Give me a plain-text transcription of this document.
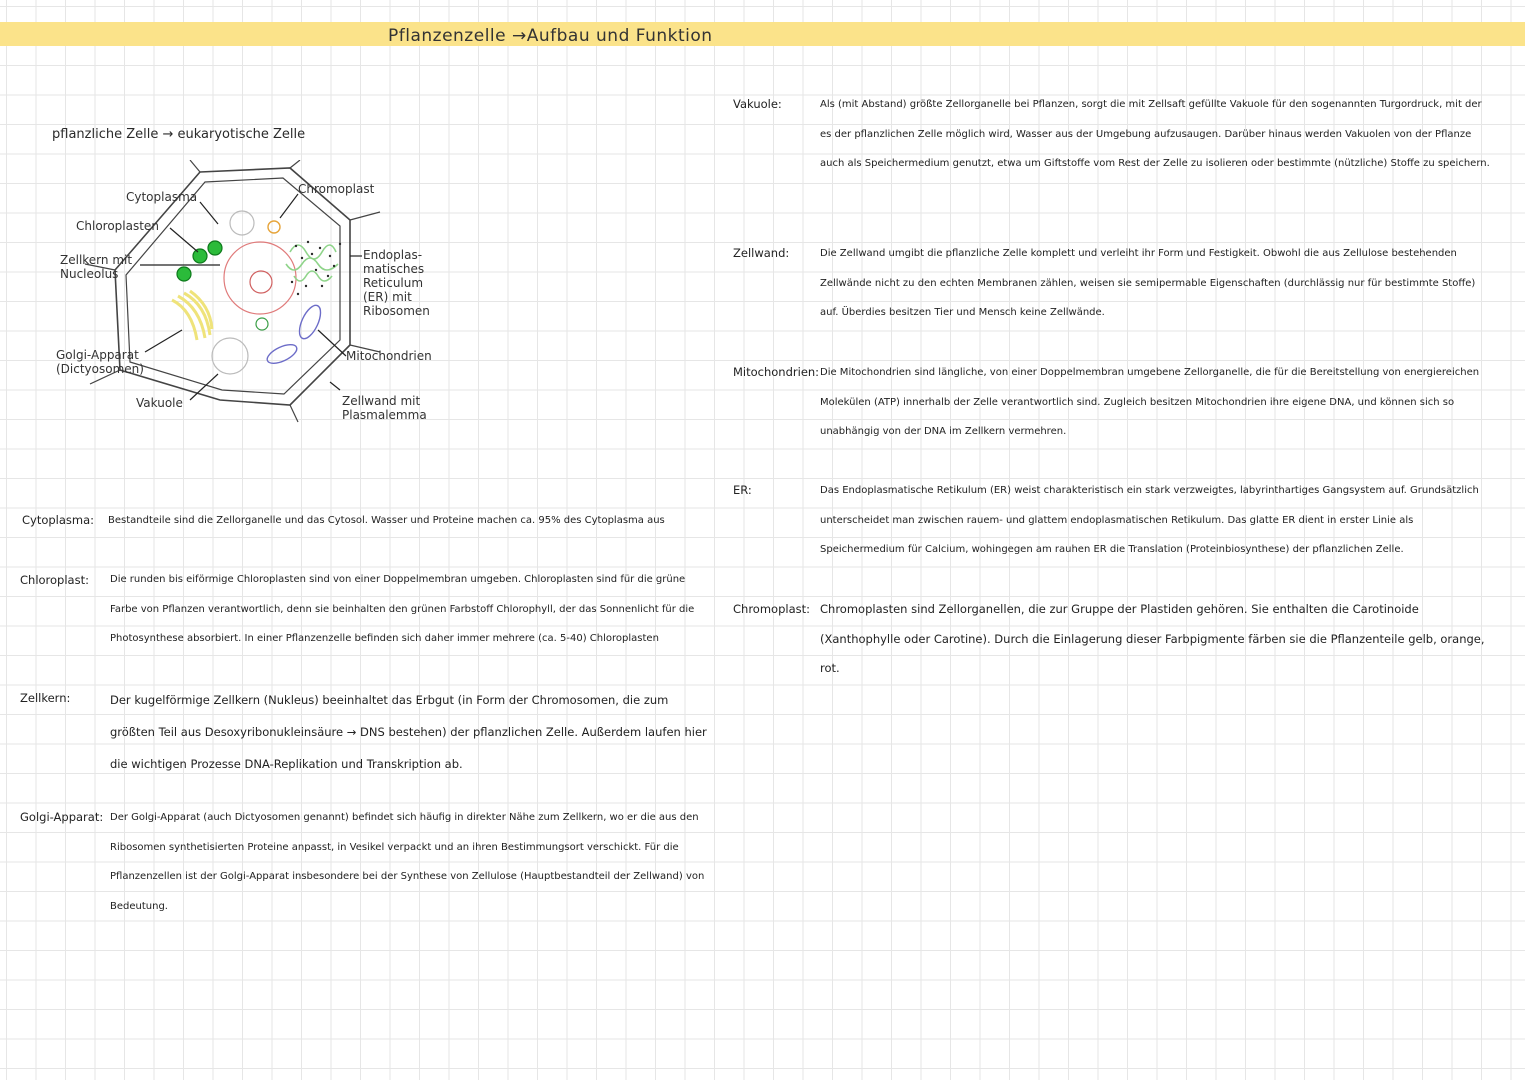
Pflanzenzelle →Aufbau und Funktion
pflanzliche Zelle → eukaryotische Zelle
Cytoplasma
Chromoplast
Chloroplasten
Zellkern mit
Nucleolus
Endoplas-
matisches
Reticulum
(ER) mit
Ribosomen
Golgi-Apparat
(Dictyosomen)
Mitochondrien
Vakuole	Zellwand mit
Plasmalemma
Cytoplasma: Bestandteile sind die Zellorganelle und das Cytosol. Wasser und Proteine machen ca. 95% des Cytoplasma aus
Chloroplast: Die runden bis eiförmige Chloroplasten sind von einer Doppelmembran umgeben. Chloroplasten sind für die grüne Farbe von Pflanzen verantwortlich, denn sie beinhalten den grünen Farbstoff Chlorophyll, der das Sonnenlicht für die Photosynthese absorbiert. In einer Pflanzenzelle befinden sich daher immer mehrere (ca. 5-40) Chloroplasten
Zellkern:	Der kugelförmige Zellkern (Nukleus) beeinhaltet das Erbgut (in Form der Chromosomen, die zum größten Teil aus Desoxyribonukleinsäure → DNS bestehen) der pflanzlichen Zelle. Außerdem laufen hier die wichtigen Prozesse DNA-Replikation und Transkription ab.
Golgi-Apparat: Der Golgi-Apparat (auch Dictyosomen genannt) befindet sich häufig in direkter Nähe zum Zellkern, wo er die aus den Ribosomen synthetisierten Proteine anpasst, in Vesikel verpackt und an ihren Bestimmungsort verschickt. Für die Pflanzenzellen ist der Golgi-Apparat insbesondere bei der Synthese von Zellulose (Hauptbestandteil der Zellwand) von Bedeutung.
Vakuole:	Als (mit Abstand) größte Zellorganelle bei Pflanzen, sorgt die mit Zellsaft gefüllte Vakuole für den sogenannten Turgordruck, mit der es der pflanzlichen Zelle möglich wird, Wasser aus der Umgebung aufzusaugen. Darüber hinaus werden Vakuolen von der Pflanze auch als Speichermedium genutzt, etwa um Giftstoffe vom Rest der Zelle zu isolieren oder bestimmte (nützliche) Stoffe zu speichern.
Zellwand:	Die Zellwand umgibt die pflanzliche Zelle komplett und verleiht ihr Form und Festigkeit. Obwohl die aus Zellulose bestehenden Zellwände nicht zu den echten Membranen zählen, weisen sie semipermable Eigenschaften (durchlässig nur für bestimmte Stoffe) auf. Überdies besitzen Tier und Mensch keine Zellwände.
Mitochondrien: Die Mitochondrien sind längliche, von einer Doppelmembran umgebene Zellorganelle, die für die Bereitstellung von energiereichen Molekülen (ATP) innerhalb der Zelle verantwortlich sind. Zugleich besitzen Mitochondrien ihre eigene DNA, und können sich so unabhängig von der DNA im Zellkern vermehren.
ER:	Das Endoplasmatische Retikulum (ER) weist charakteristisch ein stark verzweigtes, labyrinthartiges Gangsystem auf. Grundsätzlich unterscheidet man zwischen rauem- und glattem endoplasmatischen Retikulum. Das glatte ER dient in erster Linie als Speichermedium für Calcium, wohingegen am rauhen ER die Translation (Proteinbiosynthese) der pflanzlichen Zelle.
Chromoplast: Chromoplasten sind Zellorganellen, die zur Gruppe der Plastiden gehören. Sie enthalten die Carotinoide (Xanthophylle oder Carotine). Durch die Einlagerung dieser Farbpigmente färben sie die Pflanzenteile gelb, orange, rot.
